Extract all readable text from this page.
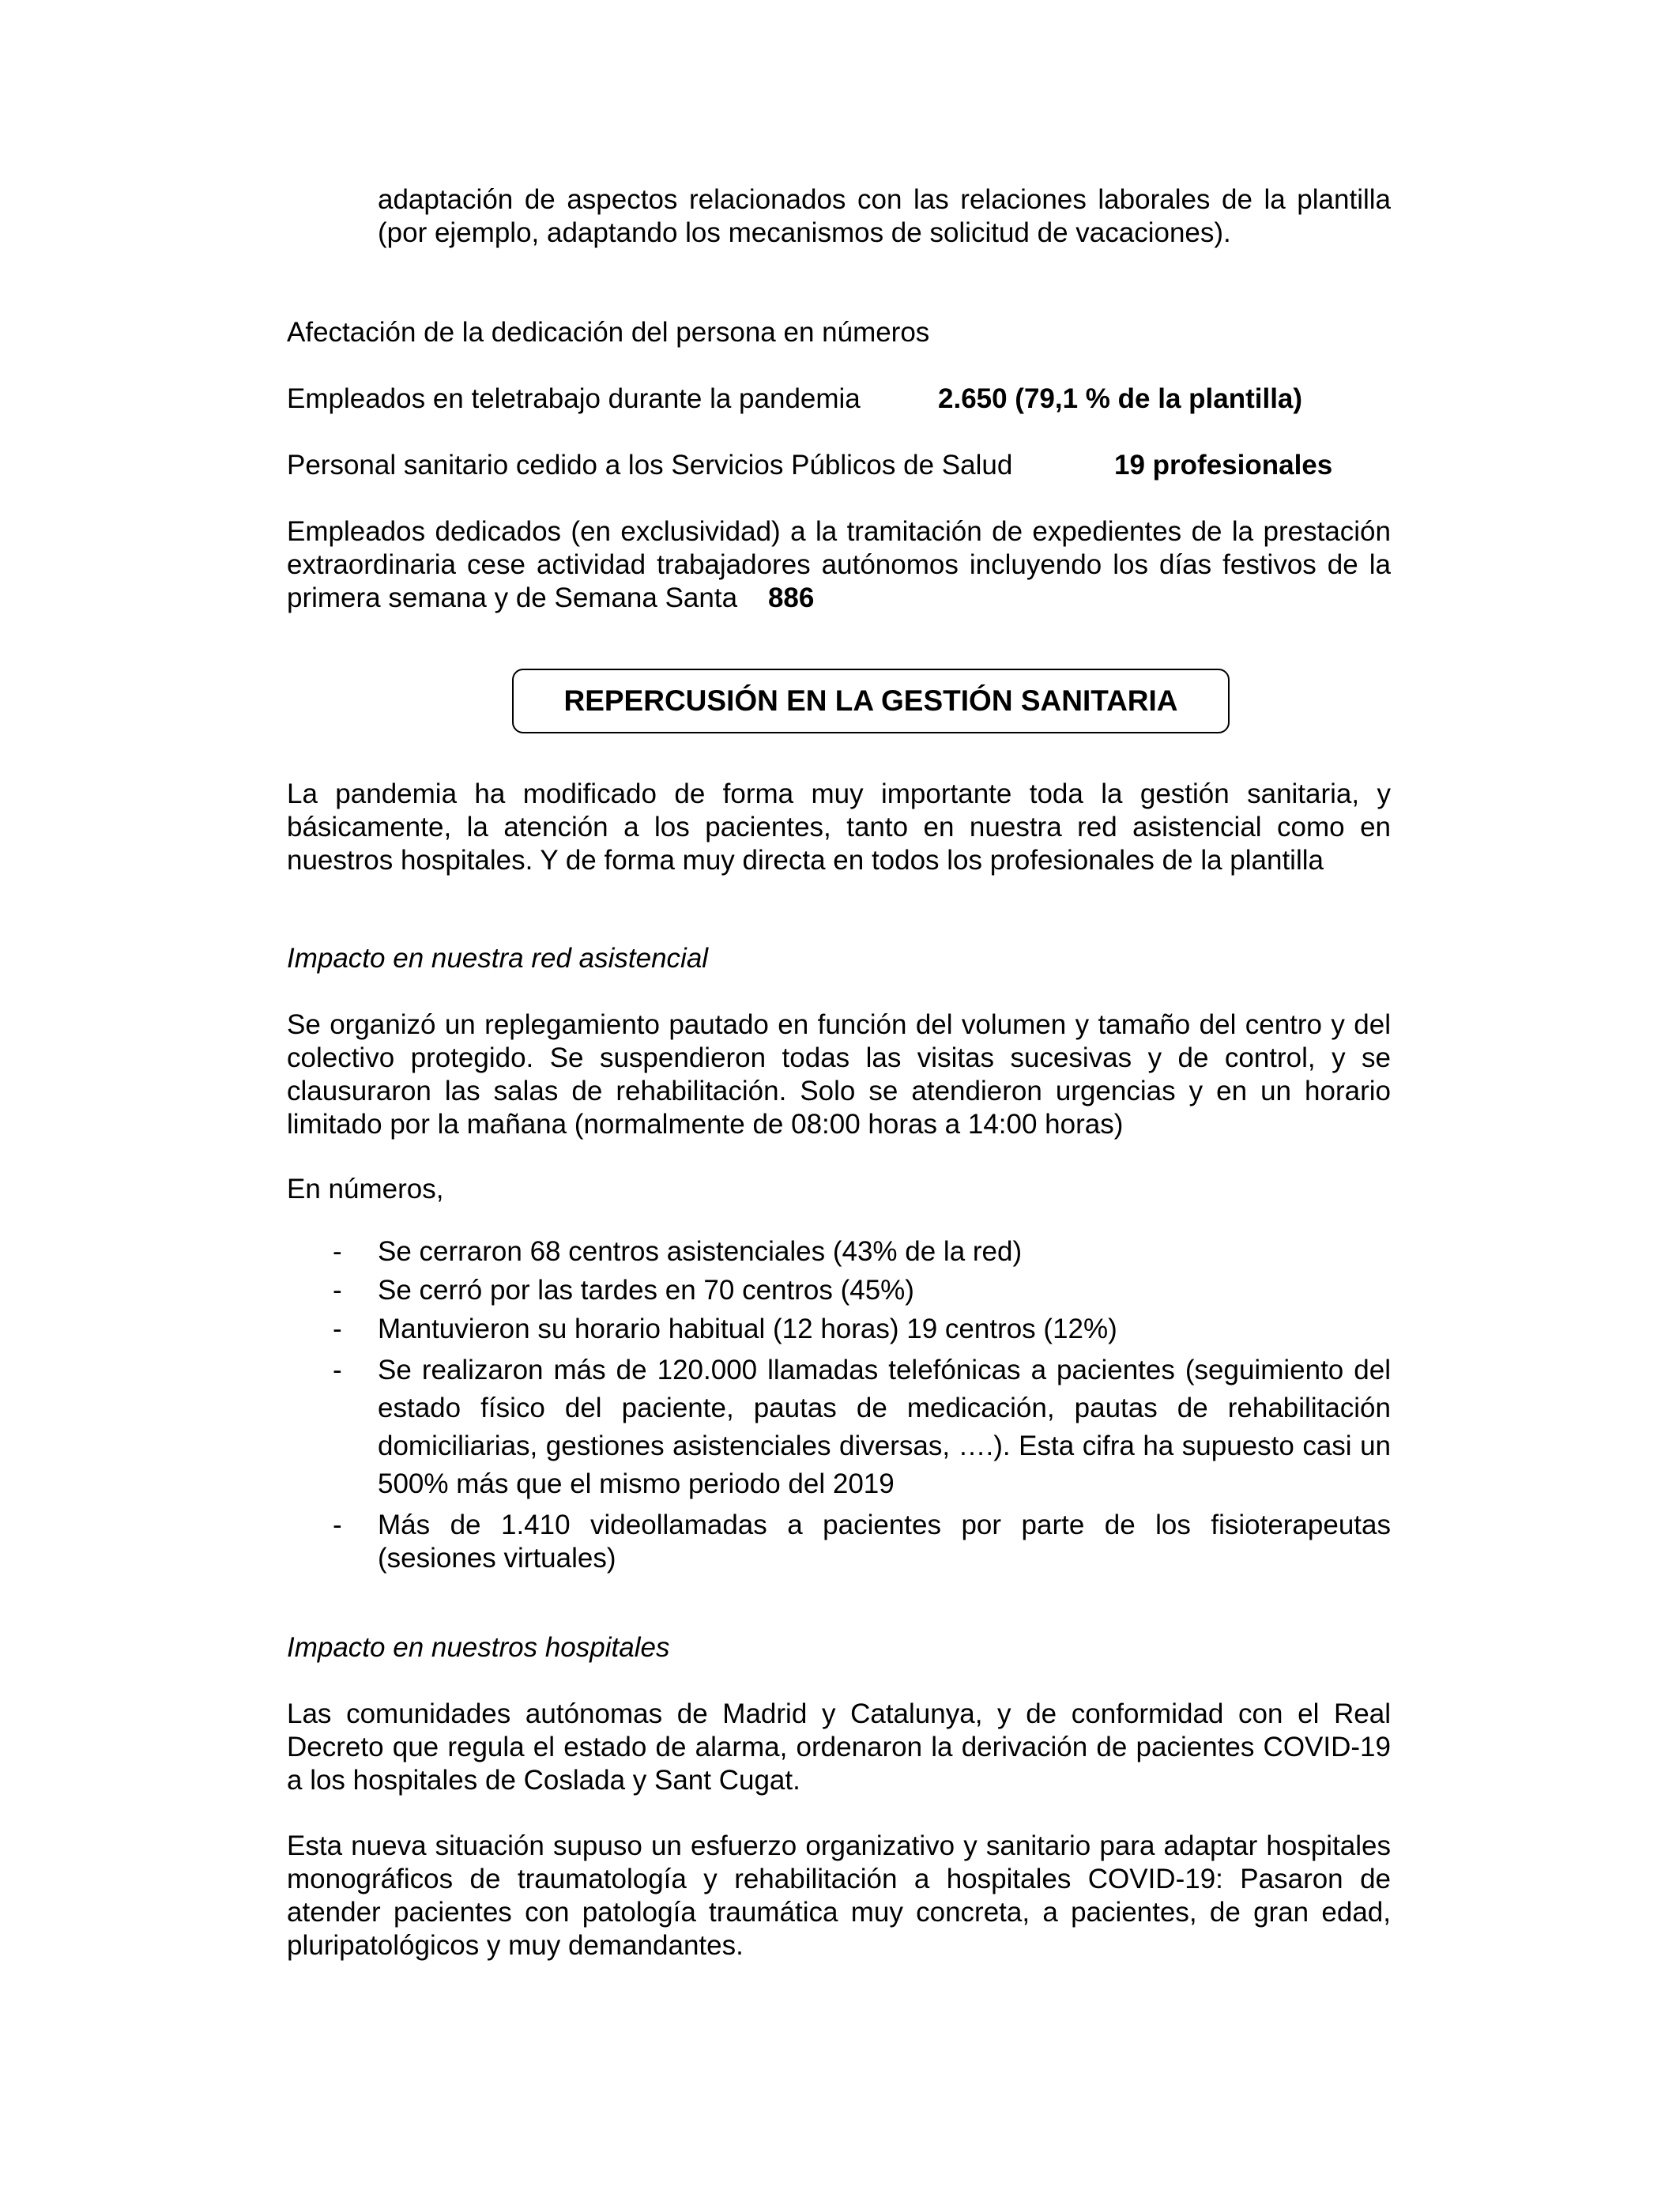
adaptación de aspectos relacionados con las relaciones laborales de la plantilla (por ejemplo, adaptando los mecanismos de solicitud de vacaciones).

Afectación de la dedicación del persona en números

Empleados en teletrabajo durante la pandemia	2.650 (79,1 % de la plantilla)

Personal sanitario cedido a los Servicios Públicos de Salud	19 profesionales

Empleados dedicados (en exclusividad) a la tramitación de expedientes de la prestación extraordinaria cese actividad trabajadores autónomos incluyendo los días festivos de la primera semana y de Semana Santa 886

REPERCUSIÓN EN LA GESTIÓN SANITARIA

La pandemia ha modificado de forma muy importante toda la gestión sanitaria, y básicamente, la atención a los pacientes, tanto en nuestra red asistencial como en nuestros hospitales. Y de forma muy directa en todos los profesionales de la plantilla

Impacto en nuestra red asistencial

Se organizó un replegamiento pautado en función del volumen y tamaño del centro y del colectivo protegido. Se suspendieron todas las visitas sucesivas y de control, y se clausuraron las salas de rehabilitación. Solo se atendieron urgencias y en un horario limitado por la mañana (normalmente de 08:00 horas a 14:00 horas)

En números,

- Se cerraron 68 centros asistenciales (43% de la red)
- Se cerró por las tardes en 70 centros (45%)
- Mantuvieron su horario habitual (12 horas) 19 centros (12%)
- Se realizaron más de 120.000 llamadas telefónicas a pacientes (seguimiento del estado físico del paciente, pautas de medicación, pautas de rehabilitación domiciliarias, gestiones asistenciales diversas, ….). Esta cifra ha supuesto casi un 500% más que el mismo periodo del 2019
- Más de 1.410 videollamadas a pacientes por parte de los fisioterapeutas (sesiones virtuales)

Impacto en nuestros hospitales

Las comunidades autónomas de Madrid y Catalunya, y de conformidad con el Real Decreto que regula el estado de alarma, ordenaron la derivación de pacientes COVID-19 a los hospitales de Coslada y Sant Cugat.

Esta nueva situación supuso un esfuerzo organizativo y sanitario para adaptar hospitales monográficos de traumatología y rehabilitación a hospitales COVID-19: Pasaron de atender pacientes con patología traumática muy concreta, a pacientes, de gran edad, pluripatológicos y muy demandantes.
